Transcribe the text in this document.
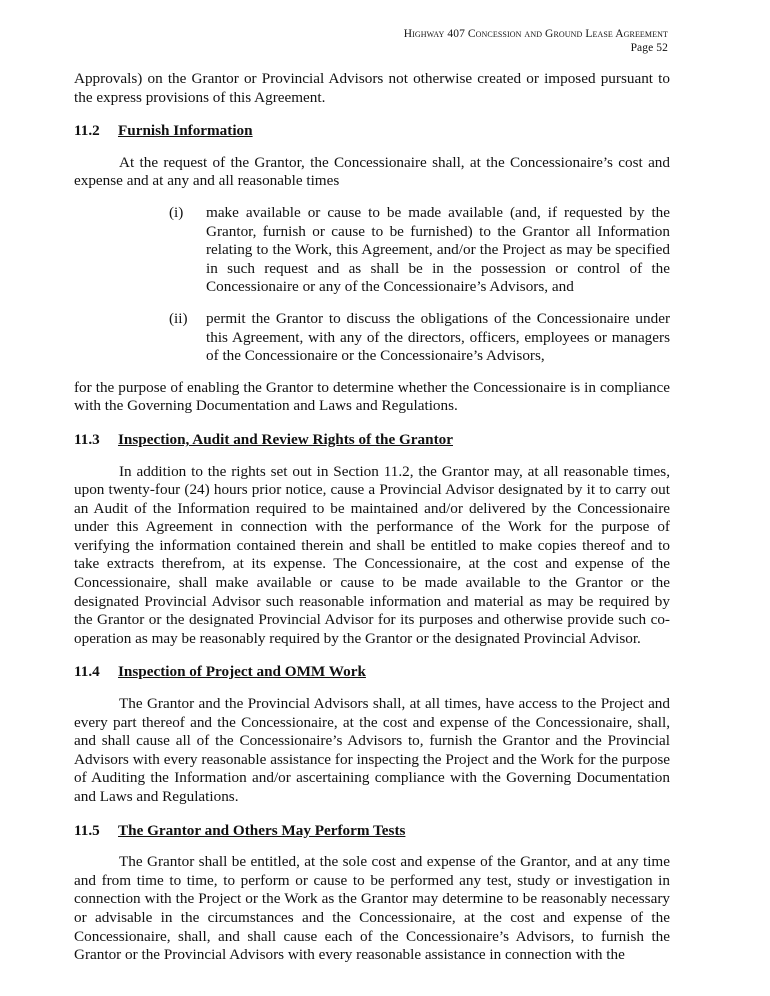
Highway 407 Concession and Ground Lease Agreement
Page 52

Approvals) on the Grantor or Provincial Advisors not otherwise created or imposed pursuant to the express provisions of this Agreement.

11.2	Furnish Information

At the request of the Grantor, the Concessionaire shall, at the Concessionaire’s cost and expense and at any and all reasonable times

(i)	make available or cause to be made available (and, if requested by the Grantor, furnish or cause to be furnished) to the Grantor all Information relating to the Work, this Agreement, and/or the Project as may be specified in such request and as shall be in the possession or control of the Concessionaire or any of the Concessionaire’s Advisors, and
(ii)	permit the Grantor to discuss the obligations of the Concessionaire under this Agreement, with any of the directors, officers, employees or managers of the Concessionaire or the Concessionaire’s Advisors,

for the purpose of enabling the Grantor to determine whether the Concessionaire is in compliance with the Governing Documentation and Laws and Regulations.

11.3	Inspection, Audit and Review Rights of the Grantor

In addition to the rights set out in Section 11.2, the Grantor may, at all reasonable times, upon twenty-four (24) hours prior notice, cause a Provincial Advisor designated by it to carry out an Audit of the Information required to be maintained and/or delivered by the Concessionaire under this Agreement in connection with the performance of the Work for the purpose of verifying the information contained therein and shall be entitled to make copies thereof and to take extracts therefrom, at its expense. The Concessionaire, at the cost and expense of the Concessionaire, shall make available or cause to be made available to the Grantor or the designated Provincial Advisor such reasonable information and material as may be required by the Grantor or the designated Provincial Advisor for its purposes and otherwise provide such co-operation as may be reasonably required by the Grantor or the designated Provincial Advisor.

11.4	Inspection of Project and OMM Work

The Grantor and the Provincial Advisors shall, at all times, have access to the Project and every part thereof and the Concessionaire, at the cost and expense of the Concessionaire, shall, and shall cause all of the Concessionaire’s Advisors to, furnish the Grantor and the Provincial Advisors with every reasonable assistance for inspecting the Project and the Work for the purpose of Auditing the Information and/or ascertaining compliance with the Governing Documentation and Laws and Regulations.

11.5	The Grantor and Others May Perform Tests

The Grantor shall be entitled, at the sole cost and expense of the Grantor, and at any time and from time to time, to perform or cause to be performed any test, study or investigation in connection with the Project or the Work as the Grantor may determine to be reasonably necessary or advisable in the circumstances and the Concessionaire, at the cost and expense of the Concessionaire, shall, and shall cause each of the Concessionaire’s Advisors, to furnish the Grantor or the Provincial Advisors with every reasonable assistance in connection with the
